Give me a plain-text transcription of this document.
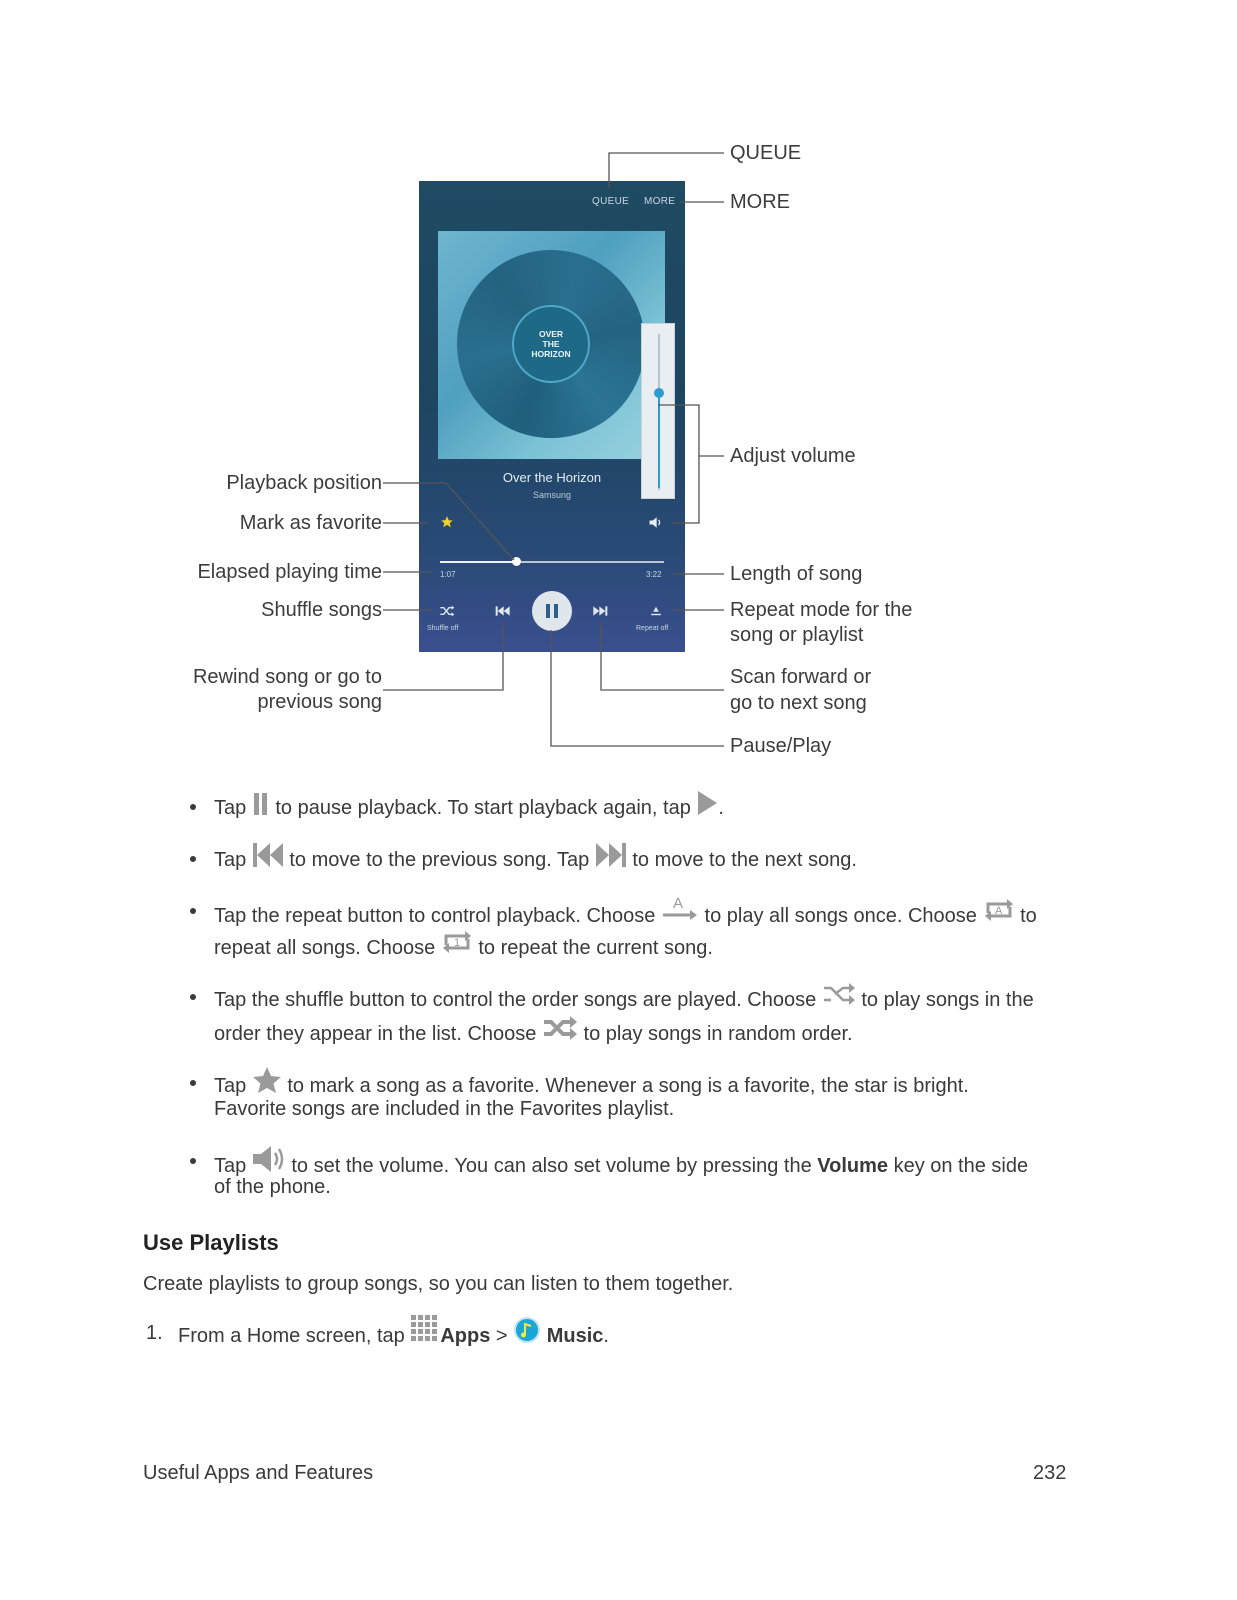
QUEUE MORE
OVER
THE
HORIZON
Over the Horizon
Samsung
1:07	3:22
Shuffle off	Repeat off
QUEUE
MORE
Adjust volume
Playback position
Mark as favorite
Elapsed playing time
Shuffle songs
Length of song
Repeat mode for the
song or playlist
Rewind song or go to
previous song
Scan forward or
go to next song
Pause/Play
Tap to pause playback. To start playback again, tap .
Tap to move to the previous song. Tap to move to the next song.
Tap the repeat button to control playback. Choose
A
to play all songs once. Choose A to
repeat all songs. Choose 1 to repeat the current song.
Tap the shuffle button to control the order songs are played. Choose to play songs in the
order they appear in the list. Choose to play songs in random order.
Tap to mark a song as a favorite. Whenever a song is a favorite, the star is bright.
Favorite songs are included in the Favorites playlist.
Tap to set the volume. You can also set volume by pressing the Volume key on the side
of the phone.
Use Playlists
Create playlists to group songs, so you can listen to them together.
1. From a Home screen, tap Apps > Music.
Useful Apps and Features	232
